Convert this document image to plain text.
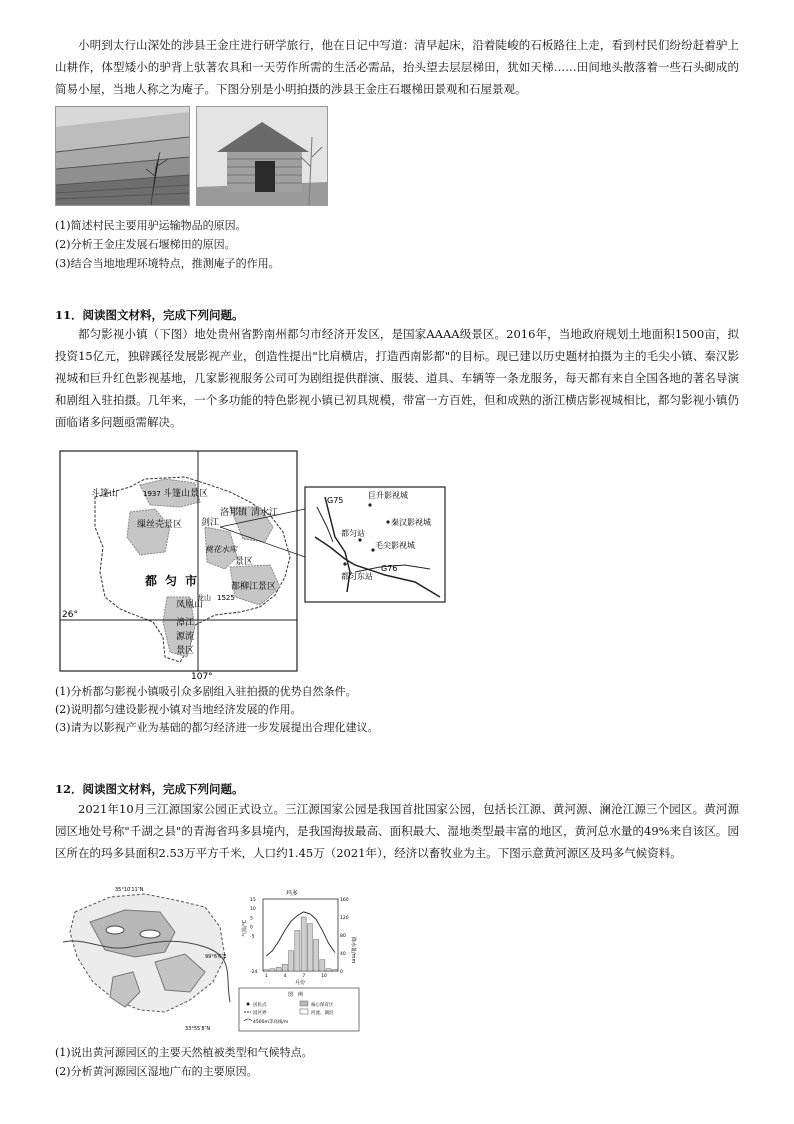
小明到太行山深处的涉县王金庄进行研学旅行，他在日记中写道：清早起床，沿着陡峻的石板路往上走，看到村民们纷纷赶着驴上山耕作，体型矮小的驴背上驮著农具和一天劳作所需的生活必需品，抬头望去层层梯田，犹如天梯……田间地头散落着一些石头砌成的简易小屋，当地人称之为庵子。下图分别是小明拍摄的涉县王金庄石堰梯田景观和石屋景观。

(1)简述村民主要用驴运输物品的原因。

(2)分析王金庄发展石堰梯田的原因。

(3)结合当地地理环境特点，推测庵子的作用。

11．阅读图文材料，完成下列问题。

都匀影视小镇（下图）地处贵州省黔南州都匀市经济开发区，是国家AAAA级景区。2016年，当地政府规划土地面积1500亩，拟投资15亿元，独辟蹊径发展影视产业，创造性提出"比肩横店，打造西南影都"的目标。现已建以历史题材拍摄为主的毛尖小镇、秦汉影视城和巨升红色影视基地，几家影视服务公司可为剧组提供群演、服装、道具、车辆等一条龙服务，每天都有来自全国各地的著名导演和剧组入驻拍摄。几年来，一个多功能的特色影视小镇已初具规模，带富一方百姓，但和成熟的浙江横店影视城相比，都匀影视小镇仍面临诸多问题亟需解决。

斗篷山	1937 斗篷山景区
缫丝壳景区
洛邦镇
剑江
清水江
桃花水库
景区
都匀市
龙山 1525
都柳江景区
凤凰山
漳江
源流
景区
26°
107°
巨升影视城
G75
秦汉影视城
都匀站
毛尖影视城
G76
都匀东站

(1)分析都匀影视小镇吸引众多剧组入驻拍摄的优势自然条件。

(2)说明都匀建设影视小镇对当地经济发展的作用。

(3)请为以影视产业为基础的都匀经济进一步发展提出合理化建议。

12．阅读图文材料，完成下列问题。

2021年10月三江源国家公园正式设立。三江源国家公园是我国首批国家公园，包括长江源、黄河源、澜沧江源三个园区。黄河源园区地处号称"千湖之县"的青海省玛多县境内，是我国海拔最高、面积最大、湿地类型最丰富的地区，黄河总水量的49%来自该区。园区所在的玛多县面积2.53万平方千米，人口约1.45万（2021年），经济以畜牧业为主。下图示意黄河源区及玛多气候资料。

35°10′11″N
33°55′8″N
99°6′6″E
玛多
气温/℃
降水量/mm
月份
15
10
5
0
-5
-24
160
120
80
40
0
1	4	7	10
图　例
居民点
园区界
核心保育区
河流、湖泊
4500m等高线/m

(1)说出黄河源园区的主要天然植被类型和气候特点。

(2)分析黄河源园区湿地广布的主要原因。
